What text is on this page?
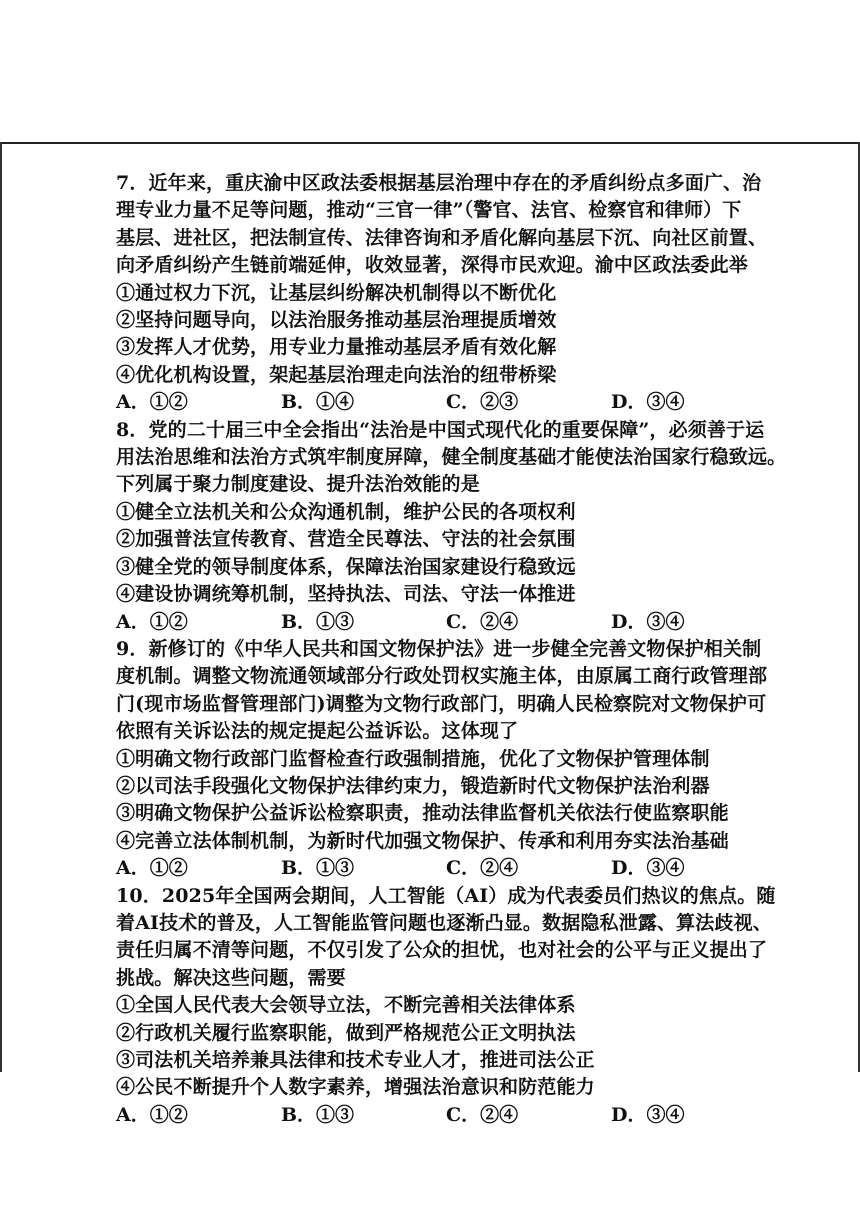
7．近年来，重庆渝中区政法委根据基层治理中存在的矛盾纠纷点多面广、治
理专业力量不足等问题，推动“三官一律”（警官、法官、检察官和律师）下
基层、进社区，把法制宣传、法律咨询和矛盾化解向基层下沉、向社区前置、
向矛盾纠纷产生链前端延伸，收效显著，深得市民欢迎。渝中区政法委此举
①通过权力下沉，让基层纠纷解决机制得以不断优化
②坚持问题导向，以法治服务推动基层治理提质增效
③发挥人才优势，用专业力量推动基层矛盾有效化解
④优化机构设置，架起基层治理走向法治的纽带桥梁
A．①②	B．①④	C．②③	D．③④
8．党的二十届三中全会指出“法治是中国式现代化的重要保障”，必须善于运
用法治思维和法治方式筑牢制度屏障，健全制度基础才能使法治国家行稳致远。
下列属于聚力制度建设、提升法治效能的是
①健全立法机关和公众沟通机制，维护公民的各项权利
②加强普法宣传教育、营造全民尊法、守法的社会氛围
③健全党的领导制度体系，保障法治国家建设行稳致远
④建设协调统筹机制，坚持执法、司法、守法一体推进
A．①②	B．①③	C．②④	D．③④
9．新修订的《中华人民共和国文物保护法》进一步健全完善文物保护相关制
度机制。调整文物流通领域部分行政处罚权实施主体，由原属工商行政管理部
门(现市场监督管理部门)调整为文物行政部门，明确人民检察院对文物保护可
依照有关诉讼法的规定提起公益诉讼。这体现了
①明确文物行政部门监督检查行政强制措施，优化了文物保护管理体制
②以司法手段强化文物保护法律约束力，锻造新时代文物保护法治利器
③明确文物保护公益诉讼检察职责，推动法律监督机关依法行使监察职能
④完善立法体制机制，为新时代加强文物保护、传承和利用夯实法治基础
A．①②	B．①③	C．②④	D．③④
10．2025年全国两会期间，人工智能（AI）成为代表委员们热议的焦点。随
着AI技术的普及，人工智能监管问题也逐渐凸显。数据隐私泄露、算法歧视、
责任归属不清等问题，不仅引发了公众的担忧，也对社会的公平与正义提出了
挑战。解决这些问题，需要
①全国人民代表大会领导立法，不断完善相关法律体系
②行政机关履行监察职能，做到严格规范公正文明执法
③司法机关培养兼具法律和技术专业人才，推进司法公正
④公民不断提升个人数字素养，增强法治意识和防范能力
A．①②	B．①③	C．②④	D．③④
